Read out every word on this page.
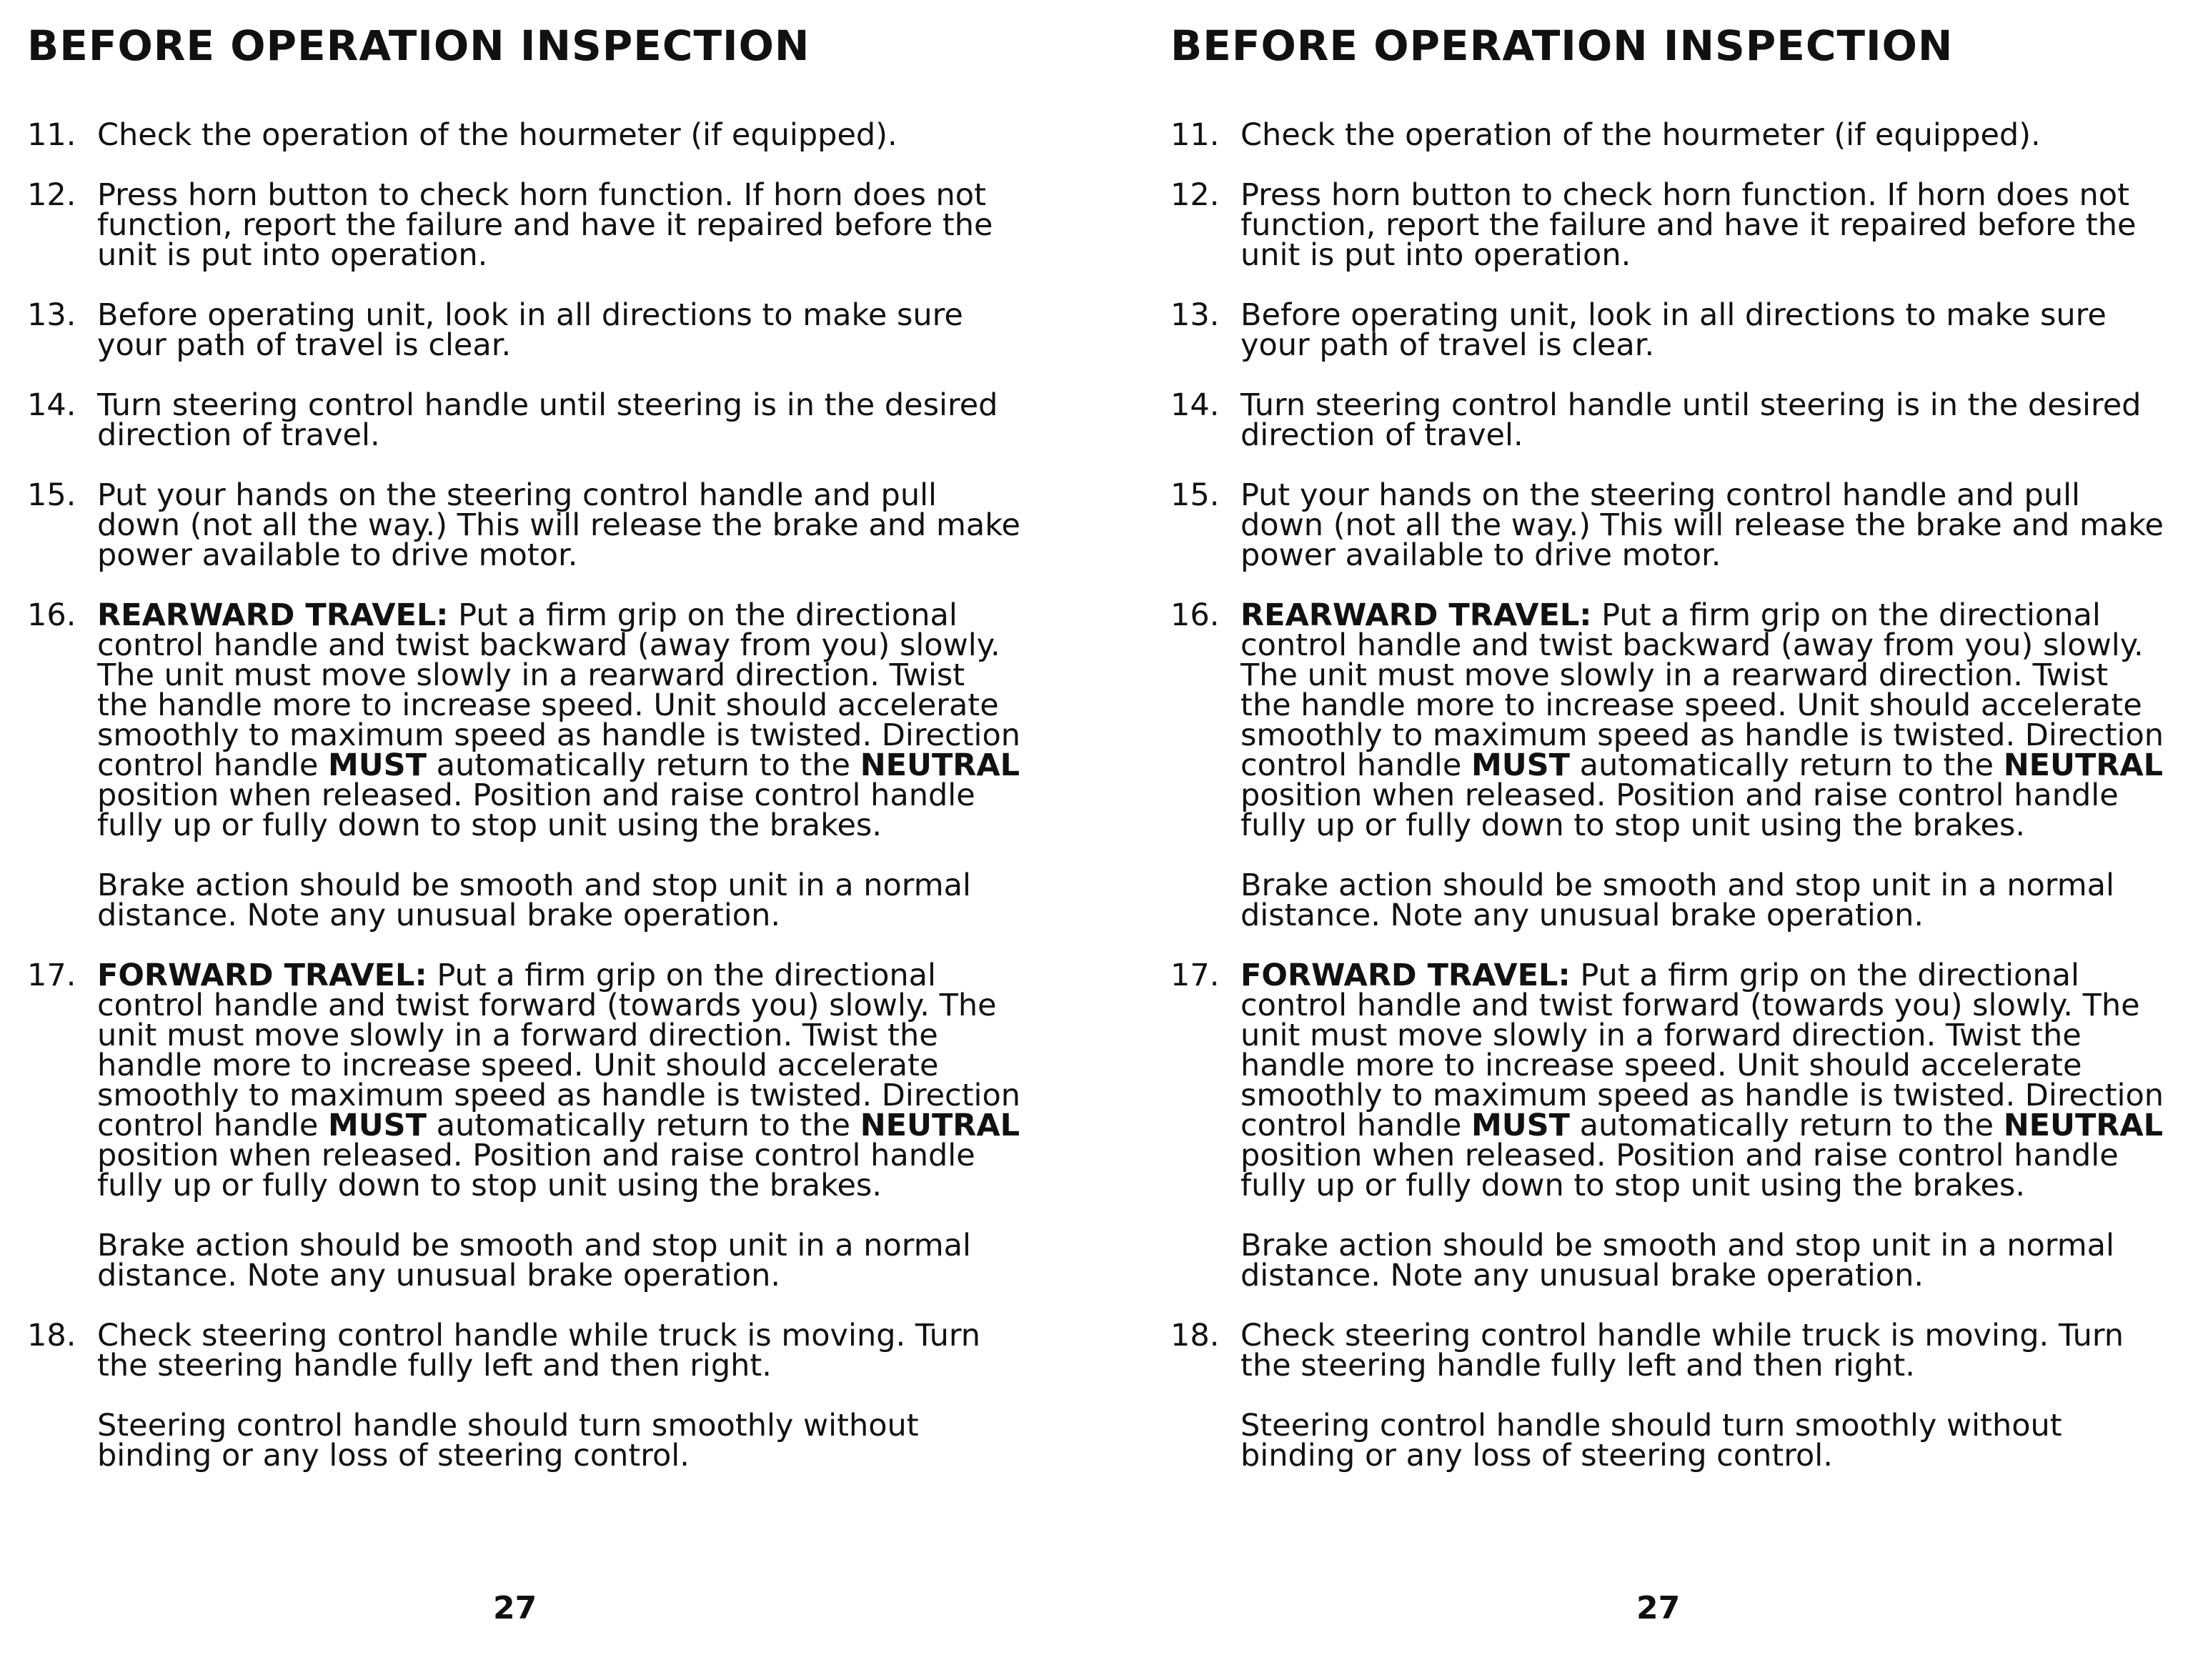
BEFORE OPERATION INSPECTION
11. Check the operation of the hourmeter (if equipped).
12. Press horn button to check horn function. If horn does not function, report the failure and have it repaired before the unit is put into operation.
13. Before operating unit, look in all directions to make sure your path of travel is clear.
14. Turn steering control handle until steering is in the desired direction of travel.
15. Put your hands on the steering control handle and pull down (not all the way.) This will release the brake and make power available to drive motor.
16. REARWARD TRAVEL: Put a firm grip on the directional control handle and twist backward (away from you) slowly. The unit must move slowly in a rearward direction. Twist the handle more to increase speed. Unit should accelerate smoothly to maximum speed as handle is twisted. Direction control handle MUST automatically return to the NEUTRAL position when released. Position and raise control handle fully up or fully down to stop unit using the brakes.
Brake action should be smooth and stop unit in a normal distance. Note any unusual brake operation.
17. FORWARD TRAVEL: Put a firm grip on the directional control handle and twist forward (towards you) slowly. The unit must move slowly in a forward direction. Twist the handle more to increase speed. Unit should accelerate smoothly to maximum speed as handle is twisted. Direction control handle MUST automatically return to the NEUTRAL position when released. Position and raise control handle fully up or fully down to stop unit using the brakes.
Brake action should be smooth and stop unit in a normal distance. Note any unusual brake operation.
18. Check steering control handle while truck is moving. Turn the steering handle fully left and then right.
Steering control handle should turn smoothly without binding or any loss of steering control.
27
BEFORE OPERATION INSPECTION
11. Check the operation of the hourmeter (if equipped).
12. Press horn button to check horn function. If horn does not function, report the failure and have it repaired before the unit is put into operation.
13. Before operating unit, look in all directions to make sure your path of travel is clear.
14. Turn steering control handle until steering is in the desired direction of travel.
15. Put your hands on the steering control handle and pull down (not all the way.) This will release the brake and make power available to drive motor.
16. REARWARD TRAVEL: Put a firm grip on the directional control handle and twist backward (away from you) slowly. The unit must move slowly in a rearward direction. Twist the handle more to increase speed. Unit should accelerate smoothly to maximum speed as handle is twisted. Direction control handle MUST automatically return to the NEUTRAL position when released. Position and raise control handle fully up or fully down to stop unit using the brakes.
Brake action should be smooth and stop unit in a normal distance. Note any unusual brake operation.
17. FORWARD TRAVEL: Put a firm grip on the directional control handle and twist forward (towards you) slowly. The unit must move slowly in a forward direction. Twist the handle more to increase speed. Unit should accelerate smoothly to maximum speed as handle is twisted. Direction control handle MUST automatically return to the NEUTRAL position when released. Position and raise control handle fully up or fully down to stop unit using the brakes.
Brake action should be smooth and stop unit in a normal distance. Note any unusual brake operation.
18. Check steering control handle while truck is moving. Turn the steering handle fully left and then right.
Steering control handle should turn smoothly without binding or any loss of steering control.
27
